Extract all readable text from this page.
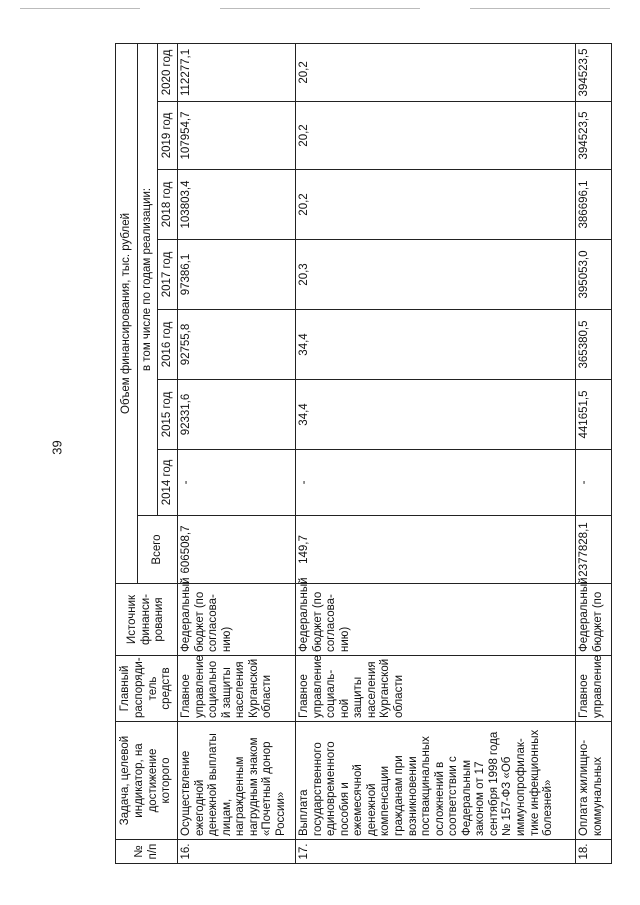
39
№ п/п	Задача, целевой индикатор, на достижение которого	Главный распоряди-тель средств	Источник финанси-рования	Объем финансирования, тыс. рублей							
				Всего	в том числе по годам реализации:						
					2014 год	2015 год	2016 год	2017 год	2018 год	2019 год	2020 год
16.	Осуществление ежегодной денежной выплаты лицам, награжденным нагрудным знаком «Почетный донор России»	Главное управление социально й защиты населения Курганской области	Федеральный бюджет (по согласова-нию)	606508,7	-	92331,6	92755,8	97386,1	103803,4	107954,7	112277,1
17.	Выплата государственного единовременного пособия и ежемесячной денежной компенсации гражданам при возникновении поствакцинальных осложнений в соответствии с Федеральным законом от 17 сентября 1998 года № 157-ФЗ «Об иммунопрофилак-тике инфекционных болезней»	Главное управление социаль-ной защиты населения Курганской области	Федеральный бюджет (по согласова-нию)	149,7	-	34,4	34,4	20,3	20,2	20,2	20,2
18.	Оплата жилищно-коммунальных	Главное управление	Федеральный бюджет (по	2377828,1	-	441651,5	365380,5	395053,0	386696,1	394523,5	394523,5
